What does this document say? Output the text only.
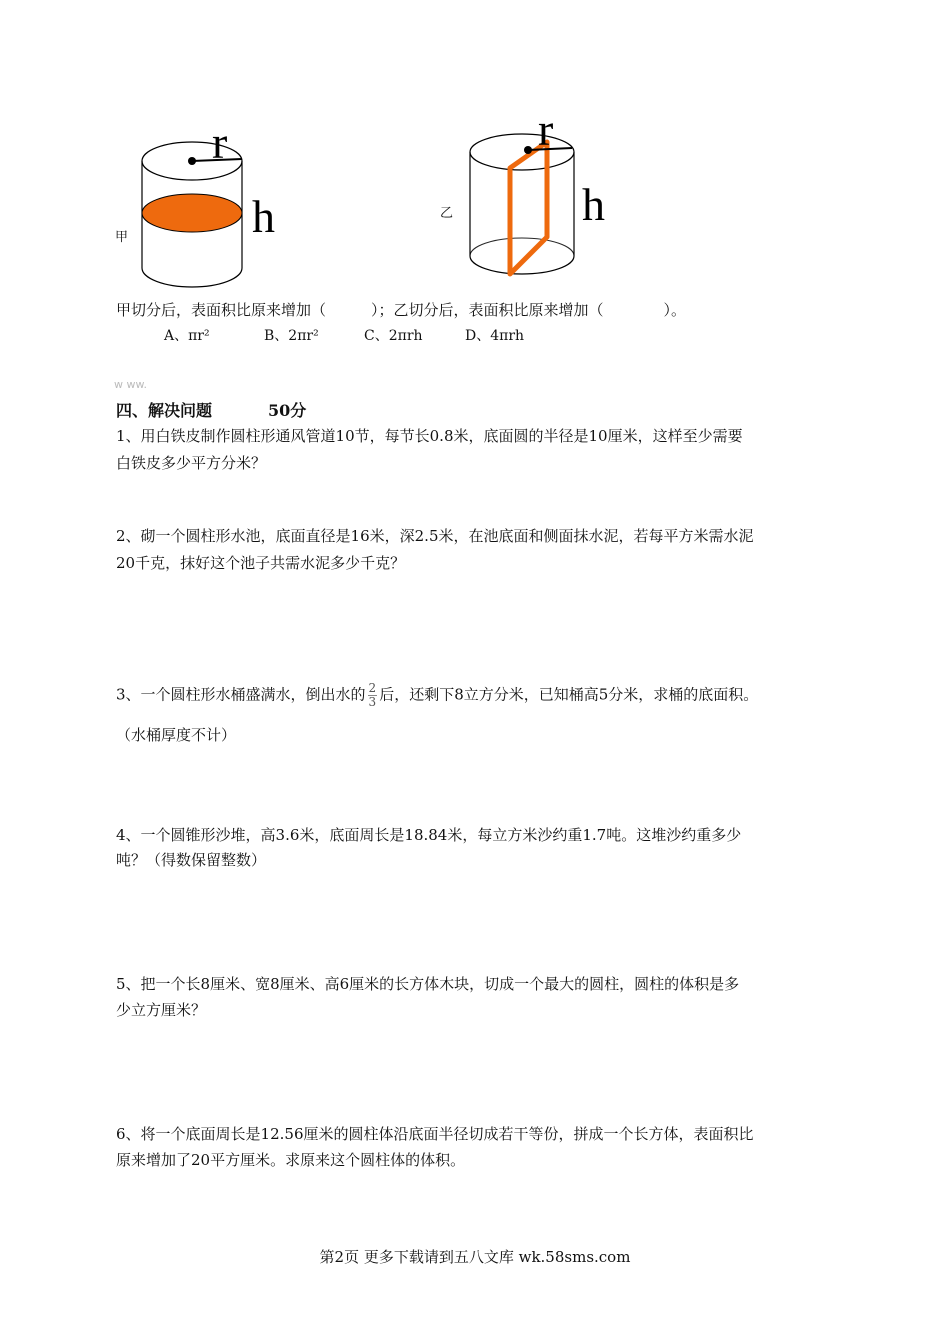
r
h
r
h
甲
乙
甲切分后，表面积比原来增加（　　　）；乙切分后，表面积比原来增加（　　　　）。
A、πr²	B、2πr²	C、2πrh	D、4πrh
w ww.
四、解决问题	50分
1、用白铁皮制作圆柱形通风管道10节，每节长0.8米，底面圆的半径是10厘米，这样至少需要
白铁皮多少平方分米？
2、砌一个圆柱形水池，底面直径是16米，深2.5米，在池底面和侧面抹水泥，若每平方米需水泥
20千克，抹好这个池子共需水泥多少千克？
3、一个圆柱形水桶盛满水，倒出水的 $\frac{2}{3}$ 后，还剩下8立方分米，已知桶高5分米，求桶的底面积。
（水桶厚度不计）
4、一个圆锥形沙堆，高3.6米，底面周长是18.84米，每立方米沙约重1.7吨。这堆沙约重多少
吨？（得数保留整数）
5、把一个长8厘米、宽8厘米、高6厘米的长方体木块，切成一个最大的圆柱，圆柱的体积是多
少立方厘米？
6、将一个底面周长是12.56厘米的圆柱体沿底面半径切成若干等份，拼成一个长方体，表面积比
原来增加了20平方厘米。求原来这个圆柱体的体积。
第2页 更多下载请到五八文库 wk.58sms.com
